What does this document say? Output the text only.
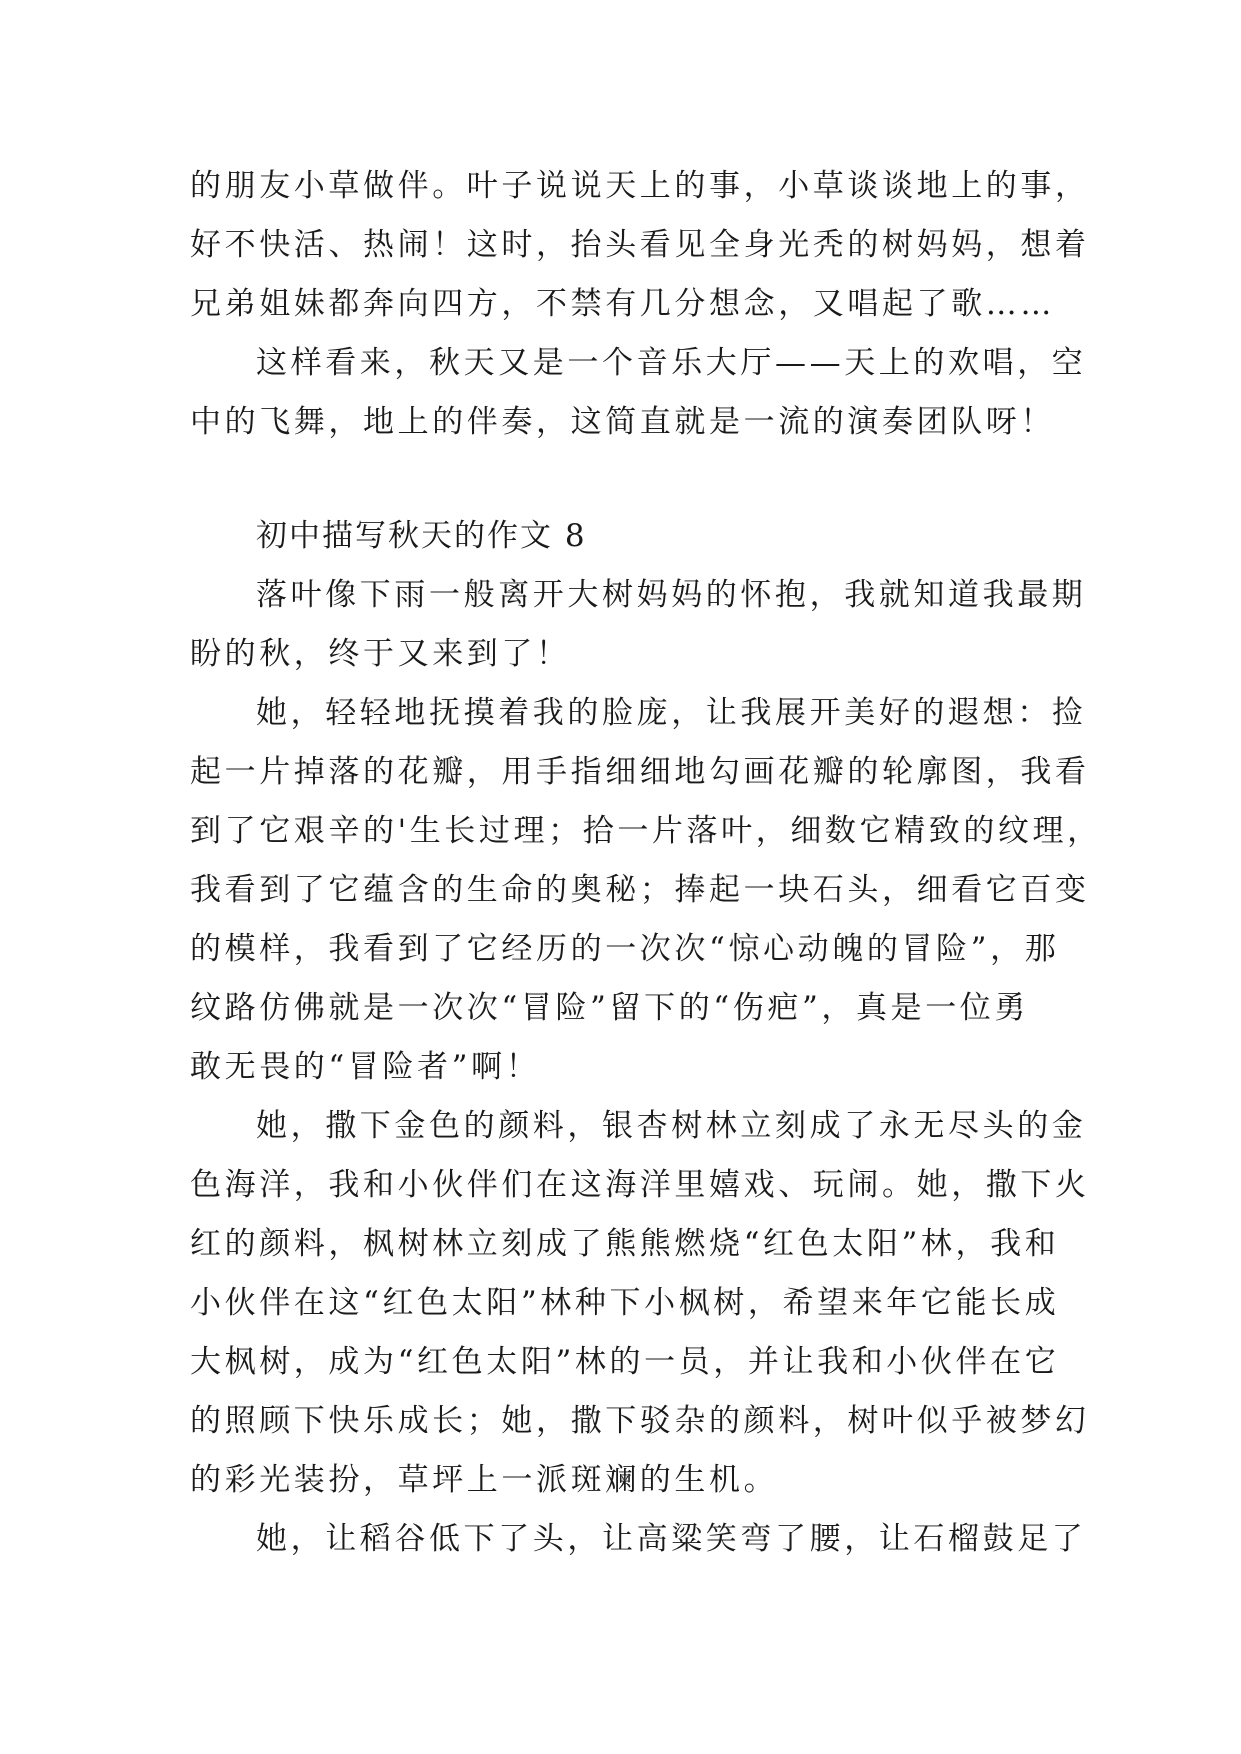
的朋友小草做伴。叶子说说天上的事，小草谈谈地上的事，
好不快活、热闹！这时，抬头看见全身光秃的树妈妈，想着
兄弟姐妹都奔向四方，不禁有几分想念，又唱起了歌……
这样看来，秋天又是一个音乐大厅——天上的欢唱，空
中的飞舞，地上的伴奏，这简直就是一流的演奏团队呀！
初中描写秋天的作文 8
落叶像下雨一般离开大树妈妈的怀抱，我就知道我最期
盼的秋，终于又来到了！
她，轻轻地抚摸着我的脸庞，让我展开美好的遐想：捡
起一片掉落的花瓣，用手指细细地勾画花瓣的轮廓图，我看
到了它艰辛的'生长过理；拾一片落叶，细数它精致的纹理，
我看到了它蕴含的生命的奥秘；捧起一块石头，细看它百变
的模样，我看到了它经历的一次次“惊心动魄的冒险”，那
纹路仿佛就是一次次“冒险”留下的“伤疤”，真是一位勇
敢无畏的“冒险者”啊！
她，撒下金色的颜料，银杏树林立刻成了永无尽头的金
色海洋，我和小伙伴们在这海洋里嬉戏、玩闹。她，撒下火
红的颜料，枫树林立刻成了熊熊燃烧“红色太阳”林，我和
小伙伴在这“红色太阳”林种下小枫树，希望来年它能长成
大枫树，成为“红色太阳”林的一员，并让我和小伙伴在它
的照顾下快乐成长；她，撒下驳杂的颜料，树叶似乎被梦幻
的彩光装扮，草坪上一派斑斓的生机。
她，让稻谷低下了头，让高粱笑弯了腰，让石榴鼓足了
